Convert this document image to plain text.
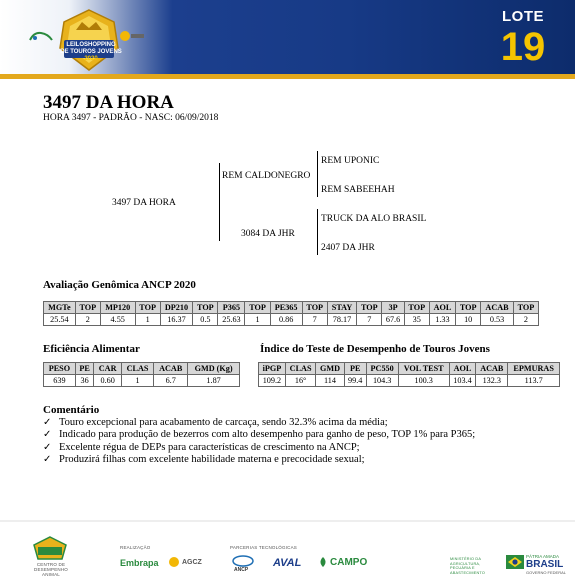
LEILOSHOPPING
DE TOUROS JOVENS
2020
LOTE
19
3497 DA HORA
HORA 3497 - PADRÃO - NASC: 06/09/2018
3497 DA HORA
REM CALDONEGRO
3084 DA JHR
REM UPONIC
REM SABEEHAH
TRUCK DA ALO BRASIL
2407 DA JHR
Avaliação Genômica ANCP 2020
MGTe	TOP	MP120	TOP	DP210	TOP	P365	TOP	PE365	TOP	STAY	TOP	3P	TOP	AOL	TOP	ACAB	TOP
25.54	2	4.55	1	16.37	0.5	25.63	1	0.86	7	78.17	7	67.6	35	1.33	10	0.53	2
Eficiência Alimentar
PESO	PE	CAR	CLAS	ACAB	GMD (Kg)
639	36	0.60	1	6.7	1.87
Índice do Teste de Desempenho de Touros Jovens
iPGP	CLAS	GMD	PE	PC550	VOL TEST	AOL	ACAB	EPMURAS
109.2	16°	114	99.4	104.3	100.3	103.4	132.3	113.7
Comentário
✓ Touro excepcional para acabamento de carcaça, sendo 32.3% acima da média;
✓ Indicado para produção de bezerros com alto desempenho para ganho de peso, TOP 1% para P365;
✓ Excelente régua de DEPs para características de crescimento na ANCP;
✓ Produzirá filhas com excelente habilidade materna e precocidade sexual;
CENTRO DE
DESEMPENHO
ANIMAL
REALIZAÇÃO
Embrapa	AGCZ
PARCERIAS TECNOLÓGICAS
ANCP
AVAL	CAMPO	MINISTÉRIO DA AGRICULTURA, PECUÁRIA E ABASTECIMENTO
PÁTRIA AMADA
BRASIL
GOVERNO FEDERAL
